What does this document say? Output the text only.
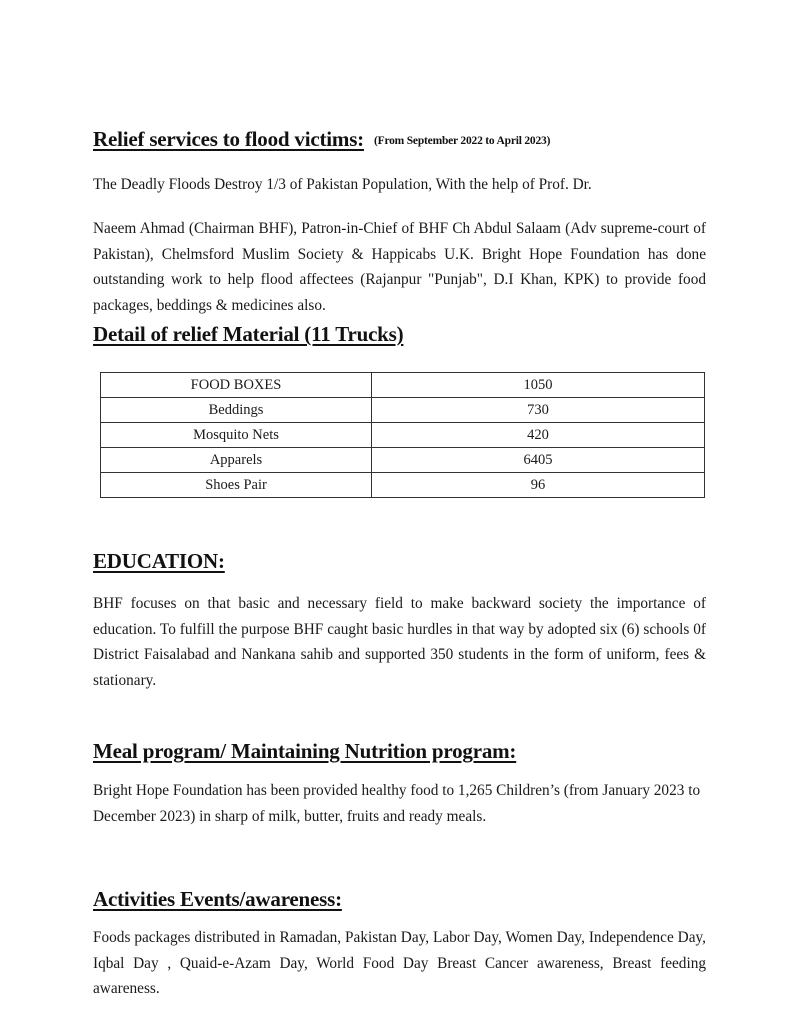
Relief services to flood victims: (From September 2022 to April 2023)

The Deadly Floods Destroy 1/3 of Pakistan Population, With the help of Prof. Dr.

Naeem Ahmad (Chairman BHF), Patron-in-Chief of BHF Ch Abdul Salaam (Adv supreme-court of Pakistan), Chelmsford Muslim Society & Happicabs U.K. Bright Hope Foundation has done outstanding work to help flood affectees (Rajanpur "Punjab", D.I Khan, KPK) to provide food packages, beddings & medicines also.

Detail of relief Material (11 Trucks)
FOOD BOXES	1050
Beddings	730
Mosquito Nets	420
Apparels	6405
Shoes Pair	96
EDUCATION:

BHF focuses on that basic and necessary field to make backward society the importance of education. To fulfill the purpose BHF caught basic hurdles in that way by adopted six (6) schools 0f District Faisalabad and Nankana sahib and supported 350 students in the form of uniform, fees & stationary.

Meal program/ Maintaining Nutrition program:

Bright Hope Foundation has been provided healthy food to 1,265 Children’s (from January 2023 to December 2023) in sharp of milk, butter, fruits and ready meals.

Activities Events/awareness:

Foods packages distributed in Ramadan, Pakistan Day, Labor Day, Women Day, Independence Day, Iqbal Day , Quaid-e-Azam Day, World Food Day Breast Cancer awareness, Breast feeding awareness.
